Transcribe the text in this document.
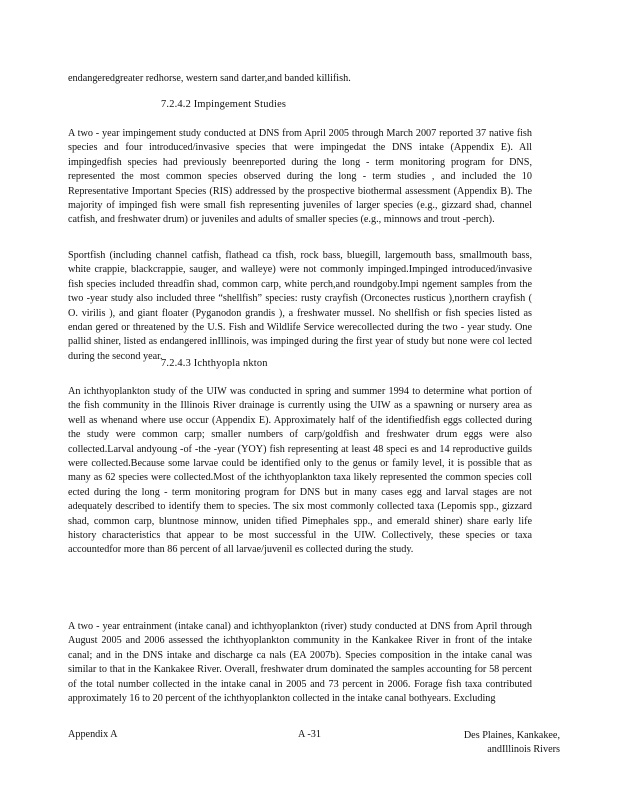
endangeredgreater redhorse, western sand darter,and banded killifish.

7.2.4.2 Impingement Studies

A two - year impingement study conducted at DNS from April 2005 through March 2007 reported 37 native fish species and four introduced/invasive species that were impingedat the DNS intake (Appendix E). All impingedfish species had previously beenreported during the long - term monitoring program for DNS, represented the most common species observed during the long - term studies , and included the 10 Representative Important Species (RIS) addressed by the prospective biothermal assessment (Appendix B). The majority of impinged fish were small fish representing juveniles of larger species (e.g., gizzard shad, channel catfish, and freshwater drum) or juveniles and adults of smaller species (e.g., minnows and trout -perch).

Sportfish (including channel catfish, flathead ca tfish, rock bass, bluegill, largemouth bass, smallmouth bass, white crappie, blackcrappie, sauger, and walleye) were not commonly impinged.Impinged introduced/invasive fish species included threadfin shad, common carp, white perch,and roundgoby.Impi ngement samples from the two -year study also included three “shellfish” species: rusty crayfish (Orconectes rusticus ),northern crayfish ( O. virilis ), and giant floater (Pyganodon grandis ), a freshwater mussel. No shellfish or fish species listed as endan gered or threatened by the U.S. Fish and Wildlife Service werecollected during the two - year study. One pallid shiner, listed as endangered inIllinois, was impinged during the first year of study but none were col lected during the second year.

7.2.4.3 Ichthyopla nkton

An ichthyoplankton study of the UIW was conducted in spring and summer 1994 to determine what portion of the fish community in the Illinois River drainage is currently using the UIW as a spawning or nursery area as well as whenand where use occur (Appendix E). Approximately half of the identifiedfish eggs collected during the study were common carp; smaller numbers of carp/goldfish and freshwater drum eggs were also collected.Larval andyoung -of -the -year (YOY) fish representing at least 48 speci es and 14 reproductive guilds were collected.Because some larvae could be identified only to the genus or family level, it is possible that as many as 62 species were collected.Most of the ichthyoplankton taxa likely represented the common species coll ected during the long - term monitoring program for DNS but in many cases egg and larval stages are not adequately described to identify them to species. The six most commonly collected taxa (Lepomis spp., gizzard shad, common carp, bluntnose minnow, uniden tified Pimephales spp., and emerald shiner) share early life history characteristics that appear to be most successful in the UIW. Collectively, these species or taxa accountedfor more than 86 percent of all larvae/juvenil es collected during the study.

A two - year entrainment (intake canal) and ichthyoplankton (river) study conducted at DNS from April through August 2005 and 2006 assessed the ichthyoplankton community in the Kankakee River in front of the intake canal; and in the DNS intake and discharge ca nals (EA 2007b). Species composition in the intake canal was similar to that in the Kankakee River. Overall, freshwater drum dominated the samples accounting for 58 percent of the total number collected in the intake canal in 2005 and 73 percent in 2006. Forage fish taxa contributed approximately 16 to 20 percent of the ichthyoplankton collected in the intake canal bothyears. Excluding

Appendix A	A -31	Des Plaines, Kankakee,
andIllinois Rivers
